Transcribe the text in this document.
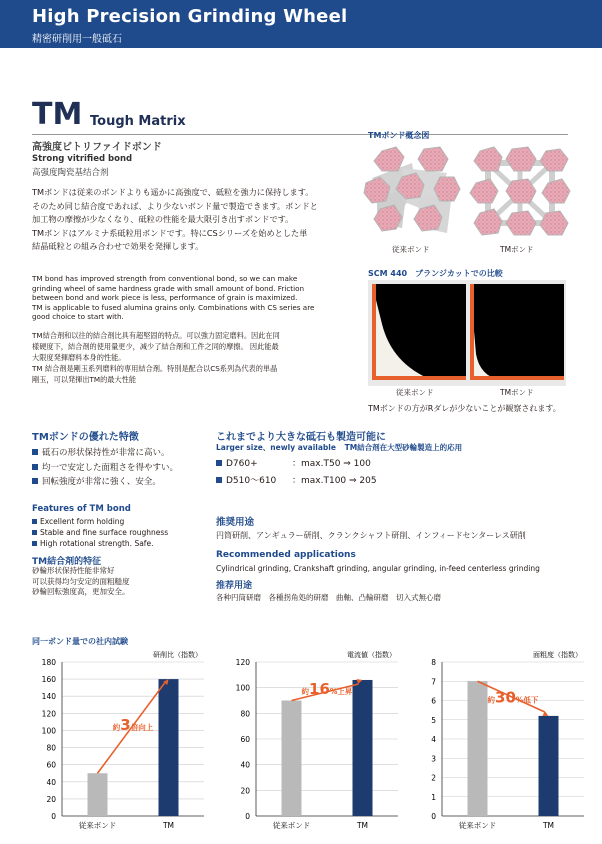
High Precision Grinding Wheel
精密研削用一般砥石
TM Tough Matrix
高強度ビトリファイドボンド
Strong vitrified bond
高强度陶瓷基结合剂
TMボンドは従来のボンドよりも遥かに高強度で、砥粒を強力に保持します。
そのため同じ結合度であれば、より少ないボンド量で製造できます。ボンドと
加工物の摩擦が少なくなり、砥粒の性能を最大限引き出すボンドです。
TMボンドはアルミナ系砥粒用ボンドです。特にCSシリーズを始めとした単
結晶砥粒との組み合わせで効果を発揮します。
TM bond has improved strength from conventional bond, so we can make
grinding wheel of same hardness grade with small amount of bond. Friction
between bond and work piece is less, performance of grain is maximized.
TM is applicable to fused alumina grains only. Combinations with CS series are
good choice to start with.
TM結合剤和以往的結合剤比具有超堅固的特点。可以強力固定磨料。因此在同
樣硬度下，結合剤的使用量更少，减少了結合剤和工件之同的摩擦。 因此能最
大限度発揮磨料本身的性能。
TM 結合剤是剛玉系列磨料的専用結合剤。特別是配合以CS系列為代表的単晶
剛玉，可以発揮出TM的最大性能
TMボンド概念図
従来ボンド	TMボンド
SCM 440　ブランジカットでの比較
従来ボンド	TMボンド
TMボンドの方がRダレが少ないことが観察されます。
TMボンドの優れた特徴
砥石の形状保持性が非常に高い。
均一で安定した面粗さを得やすい。
回転強度が非常に強く、安全。
Features of TM bond
Excellent form holding
Stable and fine surface roughness
High rotational strength. Safe.
TM結合剤的特征
砂輪形状保持性能非常好
可以获得均匀安定的面粗糙度
砂輪回転強度高，更加安全。
これまでより大きな砥石も製造可能に
Larger size、newly available TM結合剤在大型砂輪製造上的応用
D760+	：max.T50 ⇒ 100
D510～610 ：max.T100 ⇒ 205
推奨用途
円筒研削、アンギュラー研削、クランクシャフト研削、インフィードセンターレス研削
Recommended applications
Cylindrical grinding, Crankshaft grinding, angular grinding, in-feed centerless grinding
推荐用途
各种円筒研磨　各種拐角処的研磨　曲軸、凸輪研磨　切入式無心磨
同一ボンド量での社内試験
研削比（指数）
0
20
40
60
80
100
120
140
160
180
従来ボンド	TM
約3倍向上
電流値（指数）
0
20
40
60
80
100
120
従来ボンド	TM
約16%上昇
面粗度（指数）
0
1
2
3
4
5
6
7
8
従来ボンド	TM
約30%低下
